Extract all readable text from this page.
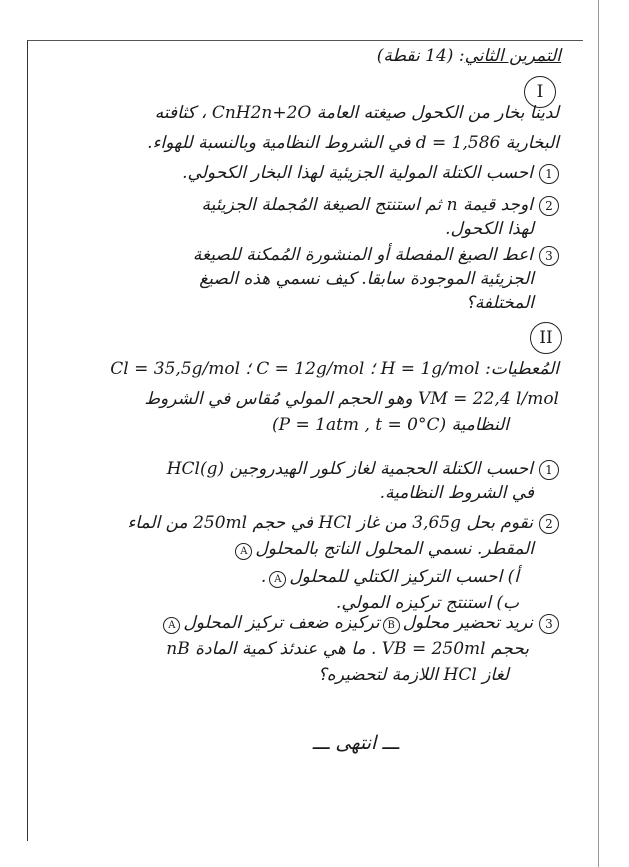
التمرين الثاني: (14 نقطة)
I
لدينا بخار من الكحول صيغته العامة CnH2n+2O ، كثافته
البخارية d = 1,586 في الشروط النظامية وبالنسبة للهواء.
1احسب الكتلة المولية الجزيئية لهذا البخار الكحولي.
2اوجد قيمة n ثم استنتج الصيغة المُجملة الجزيئية
لهذا الكحول.
3اعط الصيغ المفصلة أو المنشورة المُمكنة للصيغة
الجزيئية الموجودة سابقا. كيف نسمي هذه الصيغ
المختلفة؟
II
المُعطيات: H = 1g/mol ؛ C = 12g/mol ؛ Cl = 35,5g/mol
VM = 22,4 l/mol وهو الحجم المولي مُقاس في الشروط
النظامية (P = 1atm , t = 0°C)
1احسب الكتلة الحجمية لغاز كلور الهيدروجين HCl(g)
في الشروط النظامية.
2نقوم بحل 3,65g من غاز HCl في حجم 250ml من الماء
المقطر. نسمي المحلول الناتج بالمحلولA
أ) احسب التركيز الكتلي للمحلولA.
ب) استنتج تركيزه المولي.
3نريد تحضير محلولBتركيزه ضعف تركيز المحلولA
بحجم VB = 250ml . ما هي عندئذ كمية المادة nB
لغاز HCl اللازمة لتحضيره؟
ـــ انتهى ـــ
